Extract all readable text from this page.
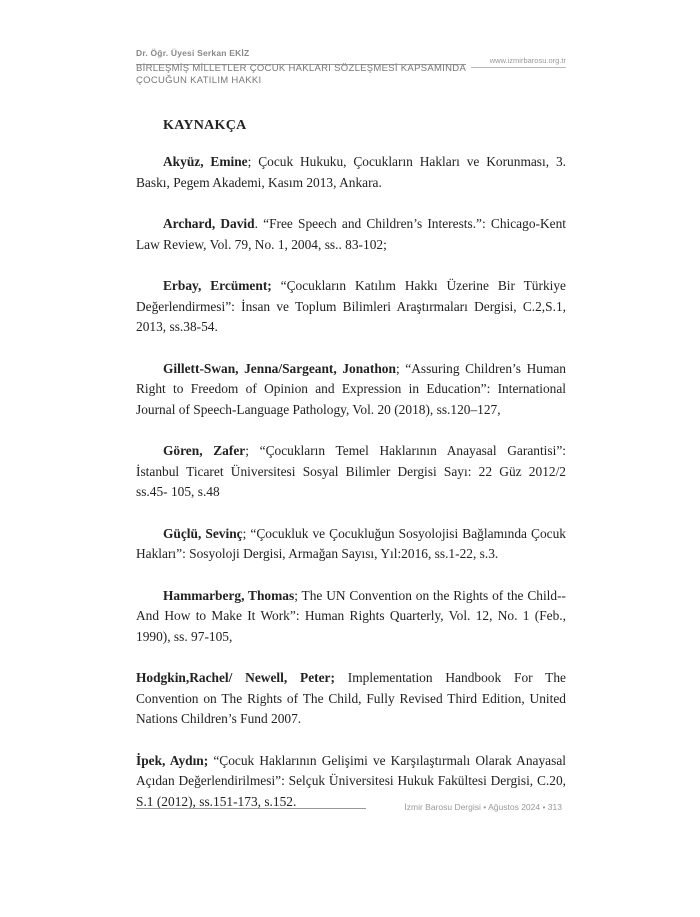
Dr. Öğr. Üyesi Serkan EKİZ
www.izmirbarosu.org.tr
BİRLEŞMİŞ MİLLETLER ÇOCUK HAKLARI SÖZLEŞMESİ KAPSAMINDA
ÇOCUĞUN KATILIM HAKKI
KAYNAKÇA

Akyüz, Emine; Çocuk Hukuku, Çocukların Hakları ve Korunması, 3. Baskı, Pegem Akademi, Kasım 2013, Ankara.

Archard, David. “Free Speech and Children’s Interests.”: Chicago-Kent Law Review, Vol. 79, No. 1, 2004, ss.. 83-102;

Erbay, Ercüment; “Çocukların Katılım Hakkı Üzerine Bir Türkiye Değerlendirmesi”: İnsan ve Toplum Bilimleri Araştırmaları Dergisi, C.2,S.1, 2013, ss.38-54.

Gillett-Swan, Jenna/Sargeant, Jonathon; “Assuring Children’s Human Right to Freedom of Opinion and Expression in Education”: International Journal of Speech-Language Pathology, Vol. 20 (2018), ss.120–127,

Gören, Zafer; “Çocukların Temel Haklarının Anayasal Garantisi”: İstanbul Ticaret Üniversitesi Sosyal Bilimler Dergisi Sayı: 22 Güz 2012/2 ss.45- 105, s.48

Güçlü, Sevinç; “Çocukluk ve Çocukluğun Sosyolojisi Bağlamında Çocuk Hakları”: Sosyoloji Dergisi, Armağan Sayısı, Yıl:2016, ss.1-22, s.3.

Hammarberg, Thomas; The UN Convention on the Rights of the Child--And How to Make It Work”: Human Rights Quarterly, Vol. 12, No. 1 (Feb., 1990), ss. 97-105,

Hodgkin,Rachel/ Newell, Peter; Implementation Handbook For The Convention on The Rights of The Child, Fully Revised Third Edition, United Nations Children’s Fund 2007.

İpek, Aydın; “Çocuk Haklarının Gelişimi ve Karşılaştırmalı Olarak Anayasal Açıdan Değerlendirilmesi”: Selçuk Üniversitesi Hukuk Fakültesi Dergisi, C.20, S.1 (2012), ss.151-173, s.152.	İzmir Barosu Dergisi • Ağustos 2024 • 313
